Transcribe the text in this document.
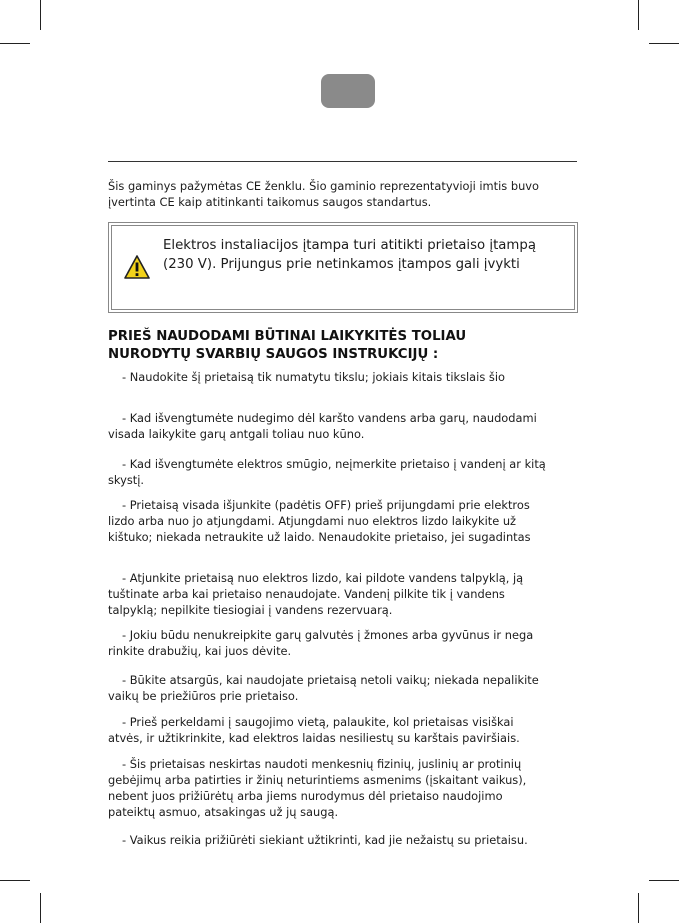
Šis gaminys pažymėtas CE ženklu. Šio gaminio reprezentatyvioji imtis buvo

įvertinta CE kaip atitinkanti taikomus saugos standartus.

Elektros instaliacijos įtampa turi atitikti prietaiso įtampą
(230 V). Prijungus prie netinkamos įtampos gali įvykti

PRIEŠ NAUDODAMI BŪTINAI LAIKYKITĖS TOLIAU
NURODYTŲ SVARBIŲ SAUGOS INSTRUKCIJŲ :

- Naudokite šį prietaisą tik numatytu tikslu; jokiais kitais tikslais šio

- Kad išvengtumėte nudegimo dėl karšto vandens arba garų, naudodami

visada laikykite garų antgali toliau nuo kūno.

- Kad išvengtumėte elektros smūgio, neįmerkite prietaiso į vandenį ar kitą

skystį.

- Prietaisą visada išjunkite (padėtis OFF) prieš prijungdami prie elektros

lizdo arba nuo jo atjungdami. Atjungdami nuo elektros lizdo laikykite už

kištuko; niekada netraukite už laido. Nenaudokite prietaiso, jei sugadintas

- Atjunkite prietaisą nuo elektros lizdo, kai pildote vandens talpyklą, ją

tuštinate arba kai prietaiso nenaudojate. Vandenį pilkite tik į vandens

talpyklą; nepilkite tiesiogiai į vandens rezervuarą.

- Jokiu būdu nenukreipkite garų galvutės į žmones arba gyvūnus ir nega

rinkite drabužių, kai juos dėvite.

- Būkite atsargūs, kai naudojate prietaisą netoli vaikų; niekada nepalikite

vaikų be priežiūros prie prietaiso.

- Prieš perkeldami į saugojimo vietą, palaukite, kol prietaisas visiškai

atvės, ir užtikrinkite, kad elektros laidas nesiliestų su karštais paviršiais.

- Šis prietaisas neskirtas naudoti menkesnių fizinių, juslinių ar protinių

gebėjimų arba patirties ir žinių neturintiems asmenims (įskaitant vaikus),

nebent juos prižiūrėtų arba jiems nurodymus dėl prietaiso naudojimo

pateiktų asmuo, atsakingas už jų saugą.

- Vaikus reikia prižiūrėti siekiant užtikrinti, kad jie nežaistų su prietaisu.
